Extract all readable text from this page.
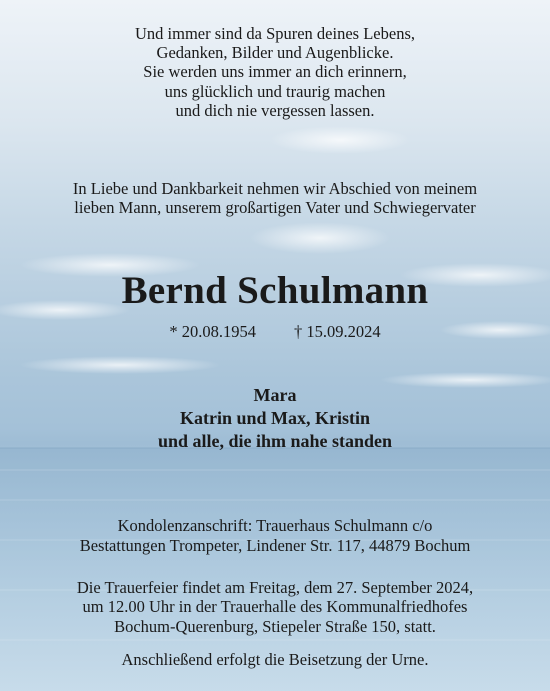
Und immer sind da Spuren deines Lebens,
Gedanken, Bilder und Augenblicke.
Sie werden uns immer an dich erinnern,
uns glücklich und traurig machen
und dich nie vergessen lassen.
In Liebe und Dankbarkeit nehmen wir Abschied von meinem
lieben Mann, unserem großartigen Vater und Schwiegervater
Bernd Schulmann
* 20.08.1954 † 15.09.2024
Mara
Katrin und Max, Kristin
und alle, die ihm nahe standen
Kondolenzanschrift: Trauerhaus Schulmann c/o
Bestattungen Trompeter, Lindener Str. 117, 44879 Bochum
Die Trauerfeier findet am Freitag, dem 27. September 2024,
um 12.00 Uhr in der Trauerhalle des Kommunalfriedhofes
Bochum-Querenburg, Stiepeler Straße 150, statt.
Anschließend erfolgt die Beisetzung der Urne.
